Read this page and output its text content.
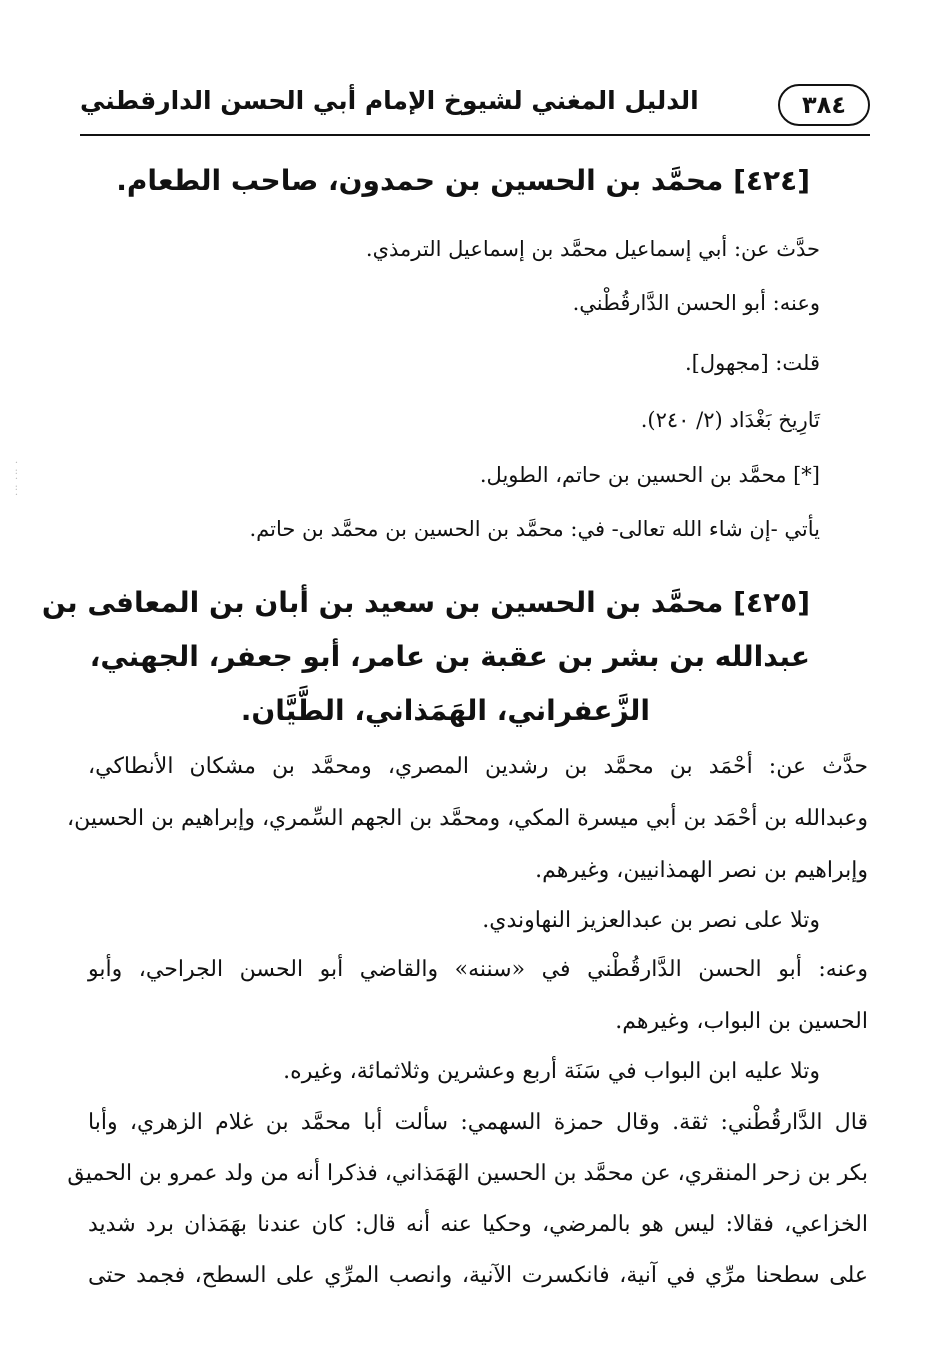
الدليل المغني لشيوخ الإمام أبي الحسن الدارقطني	٣٨٤
[٤٢٤] محمَّد بن الحسين بن حمدون، صاحب الطعام.
حدَّث عن: أبي إسماعيل محمَّد بن إسماعيل الترمذي.
وعنه: أبو الحسن الدَّارقُطْني.
قلت: [مجهول].
تَارِيخ بَغْدَاد (٢/ ٢٤٠).
[*] محمَّد بن الحسين بن حاتم، الطويل.
يأتي -إن شاء الله تعالى- في: محمَّد بن الحسين بن محمَّد بن حاتم.
[٤٢٥] محمَّد بن الحسين بن سعيد بن أبان بن المعافى بن
عبدالله بن بشر بن عقبة بن عامر، أبو جعفر، الجهني،
الزَّعفراني، الهَمَذاني، الطَّيَّان.
حدَّث عن: أحْمَد بن محمَّد بن رشدين المصري، ومحمَّد بن مشكان الأنطاكي،
وعبدالله بن أحْمَد بن أبي ميسرة المكي، ومحمَّد بن الجهم السِّمري، وإبراهيم بن الحسين،
وإبراهيم بن نصر الهمذانيين، وغيرهم.
وتلا على نصر بن عبدالعزيز النهاوندي.
وعنه: أبو الحسن الدَّارقُطْني في «سننه» والقاضي أبو الحسن الجراحي، وأبو
الحسين بن البواب، وغيرهم.
وتلا عليه ابن البواب في سَنَة أربع وعشرين وثلاثمائة، وغيره.
قال الدَّارقُطْني: ثقة. وقال حمزة السهمي: سألت أبا محمَّد بن غلام الزهري، وأبا
بكر بن زحر المنقري، عن محمَّد بن الحسين الهَمَذاني، فذكرا أنه من ولد عمرو بن الحميق
الخزاعي، فقالا: ليس هو بالمرضي، وحكيا عنه أنه قال: كان عندنا بهَمَذان برد شديد
على سطحنا مرِّي في آنية، فانكسرت الآنية، وانصب المرِّي على السطح، فجمد حتى
·
:
·
:
·
